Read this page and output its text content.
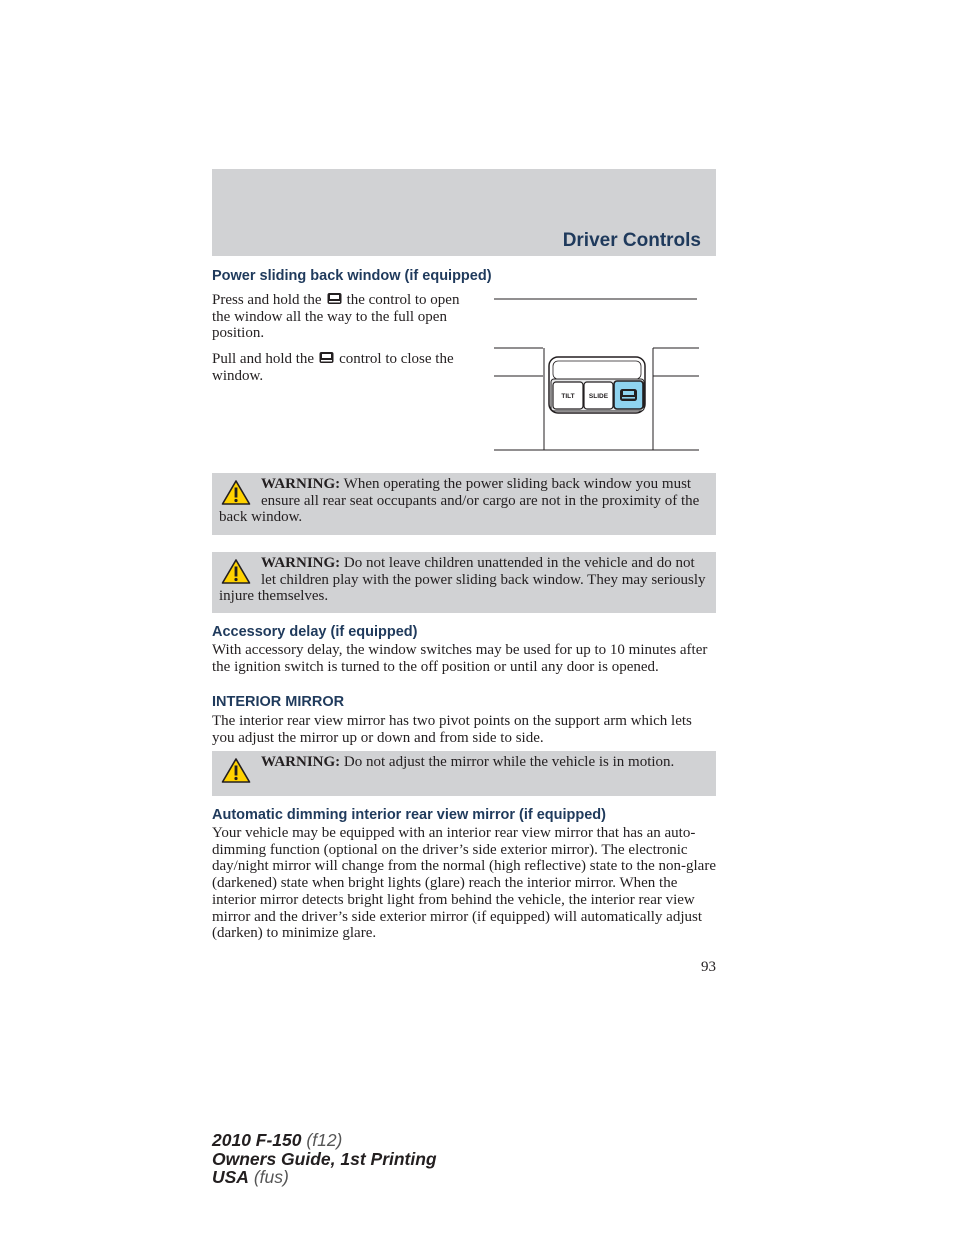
Driver Controls
Power sliding back window (if equipped)

Press and hold the the control to open the window all the way to the full open position.

Pull and hold the control to close the window.

TILT SLIDE

WARNING: When operating the power sliding back window you must ensure all rear seat occupants and/or cargo are not in the proximity of the back window.

WARNING: Do not leave children unattended in the vehicle and do not let children play with the power sliding back window. They may seriously injure themselves.

Accessory delay (if equipped)

With accessory delay, the window switches may be used for up to 10 minutes after the ignition switch is turned to the off position or until any door is opened.

INTERIOR MIRROR

The interior rear view mirror has two pivot points on the support arm which lets you adjust the mirror up or down and from side to side.

WARNING: Do not adjust the mirror while the vehicle is in motion.

Automatic dimming interior rear view mirror (if equipped)

Your vehicle may be equipped with an interior rear view mirror that has an auto-dimming function (optional on the driver’s side exterior mirror). The electronic day/night mirror will change from the normal (high reflective) state to the non-glare (darkened) state when bright lights (glare) reach the interior mirror. When the interior mirror detects bright light from behind the vehicle, the interior rear view mirror and the driver’s side exterior mirror (if equipped) will automatically adjust (darken) to minimize glare.

93
2010 F-150 (f12)
Owners Guide, 1st Printing
USA (fus)
